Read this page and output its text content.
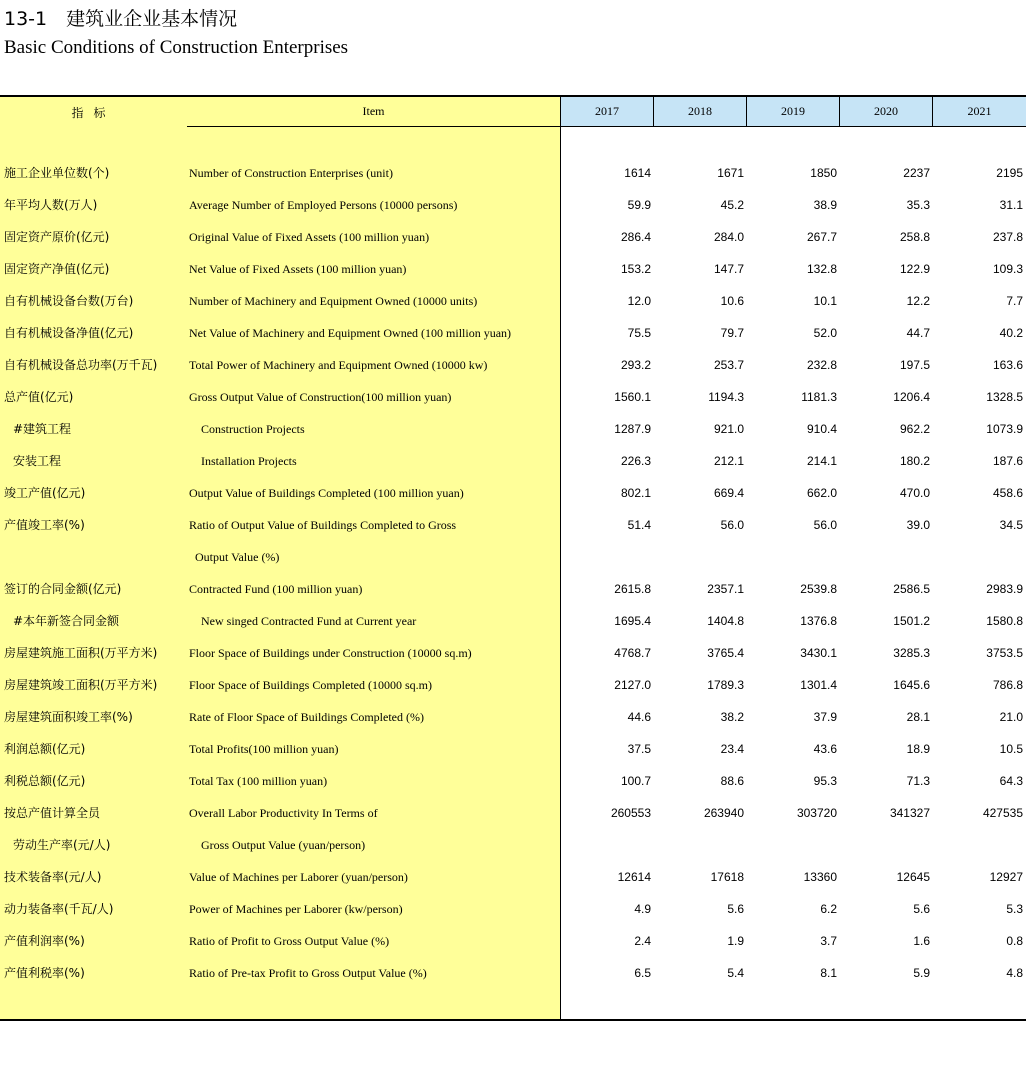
13-1　建筑业企业基本情况
Basic Conditions of Construction Enterprises
指标	Item	2017	2018	2019	2020	2021
施工企业单位数(个)	Number of Construction Enterprises (unit)	1614	1671	1850	2237	2195
年平均人数(万人)	Average Number of Employed Persons (10000 persons)	59.9	45.2	38.9	35.3	31.1
固定资产原价(亿元)	Original Value of Fixed Assets (100 million yuan)	286.4	284.0	267.7	258.8	237.8
固定资产净值(亿元)	Net Value of Fixed Assets (100 million yuan)	153.2	147.7	132.8	122.9	109.3
自有机械设备台数(万台)	Number of Machinery and Equipment Owned (10000 units)	12.0	10.6	10.1	12.2	7.7
自有机械设备净值(亿元)	Net Value of Machinery and Equipment Owned (100 million yuan)	75.5	79.7	52.0	44.7	40.2
自有机械设备总功率(万千瓦)	Total Power of Machinery and Equipment Owned (10000 kw)	293.2	253.7	232.8	197.5	163.6
总产值(亿元)	Gross Output Value of Construction(100 million yuan)	1560.1	1194.3	1181.3	1206.4	1328.5
#建筑工程	Construction Projects	1287.9	921.0	910.4	962.2	1073.9
安装工程	Installation Projects	226.3	212.1	214.1	180.2	187.6
竣工产值(亿元)	Output Value of Buildings Completed (100 million yuan)	802.1	669.4	662.0	470.0	458.6
产值竣工率(%)	Ratio of Output Value of Buildings Completed to Gross	51.4	56.0	56.0	39.0	34.5
Output Value (%)
签订的合同金额(亿元)	Contracted Fund (100 million yuan)	2615.8	2357.1	2539.8	2586.5	2983.9
#本年新签合同金额	New singed Contracted Fund at Current year	1695.4	1404.8	1376.8	1501.2	1580.8
房屋建筑施工面积(万平方米)	Floor Space of Buildings under Construction (10000 sq.m)	4768.7	3765.4	3430.1	3285.3	3753.5
房屋建筑竣工面积(万平方米)	Floor Space of Buildings Completed (10000 sq.m)	2127.0	1789.3	1301.4	1645.6	786.8
房屋建筑面积竣工率(%)	Rate of Floor Space of Buildings Completed (%)	44.6	38.2	37.9	28.1	21.0
利润总额(亿元)	Total Profits(100 million yuan)	37.5	23.4	43.6	18.9	10.5
利税总额(亿元)	Total Tax (100 million yuan)	100.7	88.6	95.3	71.3	64.3
按总产值计算全员	Overall Labor Productivity In Terms of	260553	263940	303720	341327	427535
劳动生产率(元/人)	Gross Output Value (yuan/person)
技术装备率(元/人)	Value of Machines per Laborer (yuan/person)	12614	17618	13360	12645	12927
动力装备率(千瓦/人)	Power of Machines per Laborer (kw/person)	4.9	5.6	6.2	5.6	5.3
产值利润率(%)	Ratio of Profit to Gross Output Value (%)	2.4	1.9	3.7	1.6	0.8
产值利税率(%)	Ratio of Pre-tax Profit to Gross Output Value (%)	6.5	5.4	8.1	5.9	4.8
